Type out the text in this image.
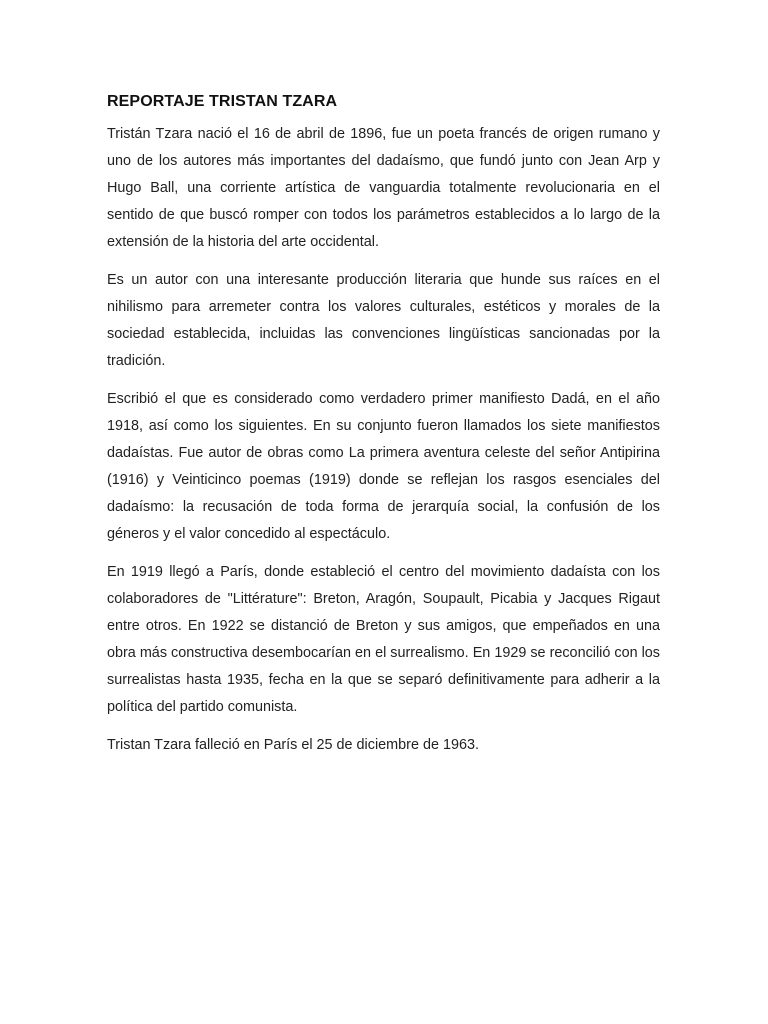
REPORTAJE TRISTAN TZARA

Tristán Tzara nació el 16 de abril de 1896, fue un poeta francés de origen rumano y uno de los autores más importantes del dadaísmo, que fundó junto con Jean Arp y Hugo Ball, una corriente artística de vanguardia totalmente revolucionaria en el sentido de que buscó romper con todos los parámetros establecidos a lo largo de la extensión de la historia del arte occidental.

Es un autor con una interesante producción literaria que hunde sus raíces en el nihilismo para arremeter contra los valores culturales, estéticos y morales de la sociedad establecida, incluidas las convenciones lingüísticas sancionadas por la tradición.

Escribió el que es considerado como verdadero primer manifiesto Dadá, en el año 1918, así como los siguientes. En su conjunto fueron llamados los siete manifiestos dadaístas. Fue autor de obras como La primera aventura celeste del señor Antipirina (1916) y Veinticinco poemas (1919) donde se reflejan los rasgos esenciales del dadaísmo: la recusación de toda forma de jerarquía social, la confusión de los géneros y el valor concedido al espectáculo.

En 1919 llegó a París, donde estableció el centro del movimiento dadaísta con los colaboradores de "Littérature": Breton, Aragón, Soupault, Picabia y Jacques Rigaut entre otros. En 1922 se distanció de Breton y sus amigos, que empeñados en una obra más constructiva desembocarían en el surrealismo. En 1929 se reconcilió con los surrealistas hasta 1935, fecha en la que se separó definitivamente para adherir a la política del partido comunista.

Tristan Tzara falleció en París el 25 de diciembre de 1963.
